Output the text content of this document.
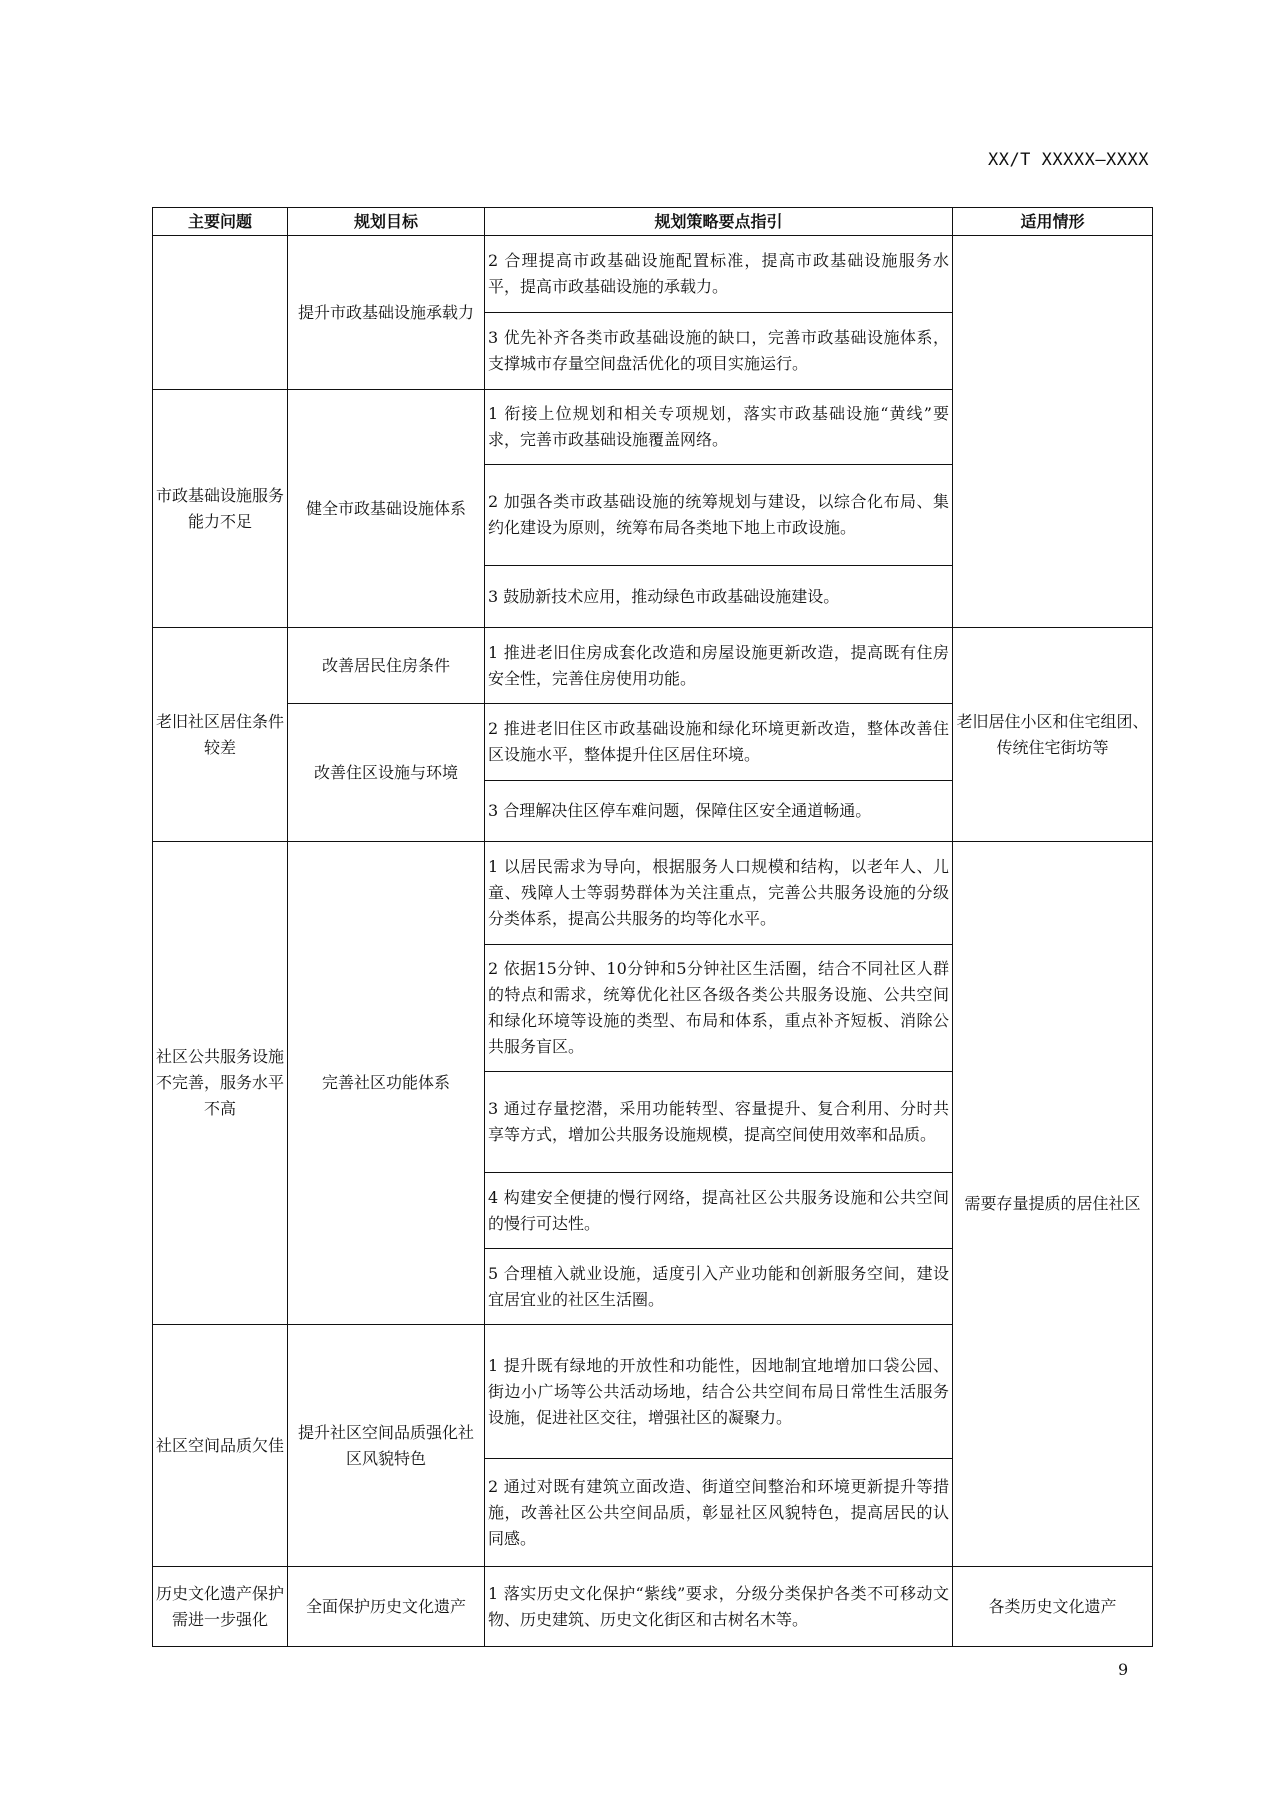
XX/T XXXXX—XXXX
主要问题	规划目标	规划策略要点指引	适用情形
	提升市政基础设施承载力	2 合理提高市政基础设施配置标准，提高市政基础设施服务水平，提高市政基础设施的承载力。	
		3 优先补齐各类市政基础设施的缺口，完善市政基础设施体系，支撑城市存量空间盘活优化的项目实施运行。	
市政基础设施服务能力不足	健全市政基础设施体系	1 衔接上位规划和相关专项规划，落实市政基础设施“黄线”要求，完善市政基础设施覆盖网络。	
		2 加强各类市政基础设施的统筹规划与建设，以综合化布局、集约化建设为原则，统筹布局各类地下地上市政设施。	
		3 鼓励新技术应用，推动绿色市政基础设施建设。	
老旧社区居住条件较差	改善居民住房条件	1 推进老旧住房成套化改造和房屋设施更新改造，提高既有住房安全性，完善住房使用功能。	老旧居住小区和住宅组团、传统住宅街坊等
	改善住区设施与环境	2 推进老旧住区市政基础设施和绿化环境更新改造，整体改善住区设施水平，整体提升住区居住环境。	
		3 合理解决住区停车难问题，保障住区安全通道畅通。	
社区公共服务设施不完善，服务水平不高	完善社区功能体系	1 以居民需求为导向，根据服务人口规模和结构，以老年人、儿童、残障人士等弱势群体为关注重点，完善公共服务设施的分级分类体系，提高公共服务的均等化水平。	需要存量提质的居住社区
		2 依据15分钟、10分钟和5分钟社区生活圈，结合不同社区人群的特点和需求，统筹优化社区各级各类公共服务设施、公共空间和绿化环境等设施的类型、布局和体系，重点补齐短板、消除公共服务盲区。	
		3 通过存量挖潜，采用功能转型、容量提升、复合利用、分时共享等方式，增加公共服务设施规模，提高空间使用效率和品质。	
		4 构建安全便捷的慢行网络，提高社区公共服务设施和公共空间的慢行可达性。	
		5 合理植入就业设施，适度引入产业功能和创新服务空间，建设宜居宜业的社区生活圈。	
社区空间品质欠佳	提升社区空间品质强化社区风貌特色	1 提升既有绿地的开放性和功能性，因地制宜地增加口袋公园、街边小广场等公共活动场地，结合公共空间布局日常性生活服务设施，促进社区交往，增强社区的凝聚力。	
		2 通过对既有建筑立面改造、街道空间整治和环境更新提升等措施，改善社区公共空间品质，彰显社区风貌特色，提高居民的认同感。	
历史文化遗产保护需进一步强化	全面保护历史文化遗产	1 落实历史文化保护“紫线”要求，分级分类保护各类不可移动文物、历史建筑、历史文化街区和古树名木等。	各类历史文化遗产
9
